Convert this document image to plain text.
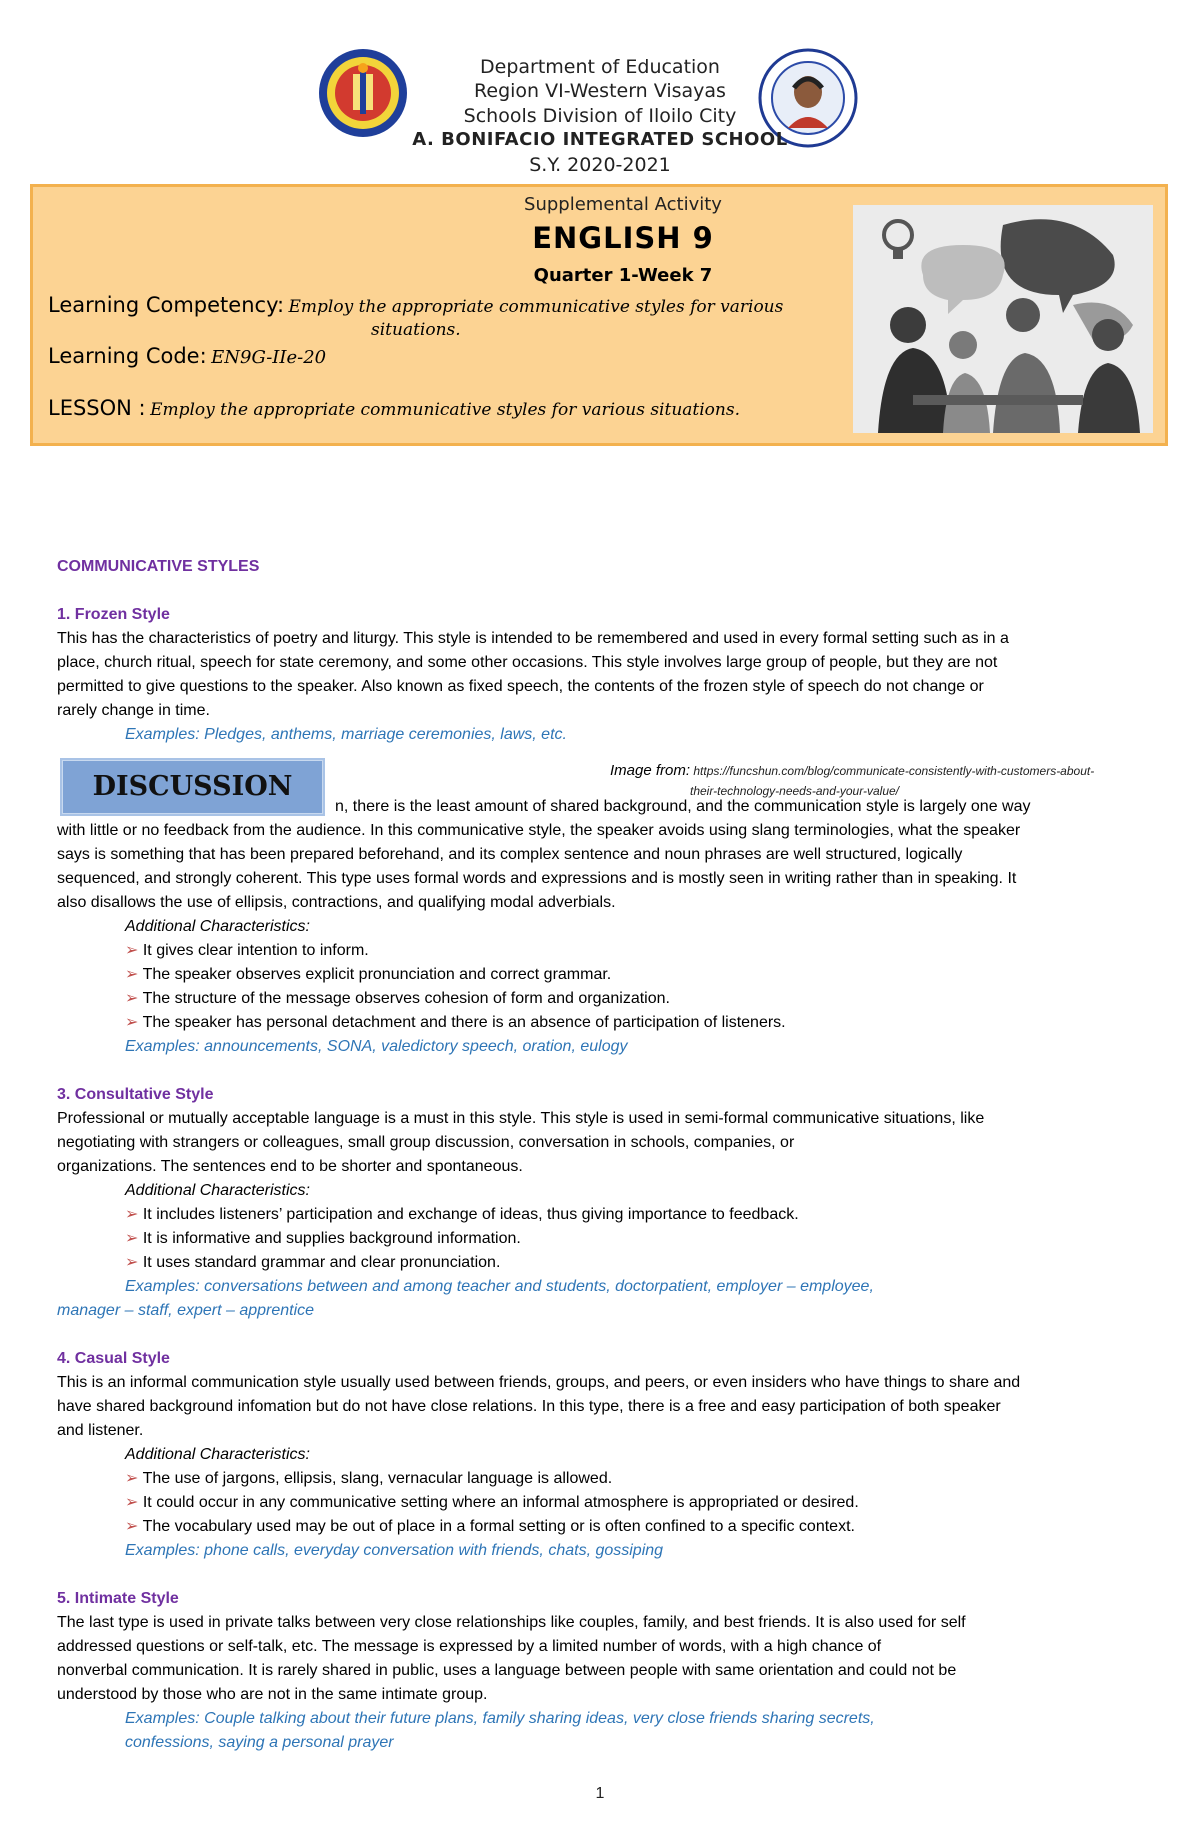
Department of Education
Region VI-Western Visayas
Schools Division of Iloilo City
A. BONIFACIO INTEGRATED SCHOOL
S.Y. 2020-2021
Supplemental Activity
ENGLISH 9
Quarter 1-Week 7
Learning Competency: Employ the appropriate communicative styles for various
situations.
Learning Code: EN9G-IIe-20
LESSON : Employ the appropriate communicative styles for various situations.
COMMUNICATIVE STYLES
1. Frozen Style
This has the characteristics of poetry and liturgy. This style is intended to be remembered and used in every formal setting such as in a
place, church ritual, speech for state ceremony, and some other occasions. This style involves large group of people, but they are not
permitted to give questions to the speaker. Also known as fixed speech, the contents of the frozen style of speech do not change or
rarely change in time.
Examples: Pledges, anthems, marriage ceremonies, laws, etc.
n, there is the least amount of shared background, and the communication style is largely one way
with little or no feedback from the audience. In this communicative style, the speaker avoids using slang terminologies, what the speaker
says is something that has been prepared beforehand, and its complex sentence and noun phrases are well structured, logically
sequenced, and strongly coherent. This type uses formal words and expressions and is mostly seen in writing rather than in speaking. It
also disallows the use of ellipsis, contractions, and qualifying modal adverbials.
Additional Characteristics:
➢ It gives clear intention to inform.
➢ The speaker observes explicit pronunciation and correct grammar.
➢ The structure of the message observes cohesion of form and organization.
➢ The speaker has personal detachment and there is an absence of participation of listeners.
Examples: announcements, SONA, valedictory speech, oration, eulogy
3. Consultative Style
Professional or mutually acceptable language is a must in this style. This style is used in semi-formal communicative situations, like
negotiating with strangers or colleagues, small group discussion, conversation in schools, companies, or
organizations. The sentences end to be shorter and spontaneous.
Additional Characteristics:
➢ It includes listeners’ participation and exchange of ideas, thus giving importance to feedback.
➢ It is informative and supplies background information.
➢ It uses standard grammar and clear pronunciation.
Examples: conversations between and among teacher and students, doctorpatient, employer – employee,
manager – staff, expert – apprentice
4. Casual Style
This is an informal communication style usually used between friends, groups, and peers, or even insiders who have things to share and
have shared background infomation but do not have close relations. In this type, there is a free and easy participation of both speaker
and listener.
Additional Characteristics:
➢ The use of jargons, ellipsis, slang, vernacular language is allowed.
➢ It could occur in any communicative setting where an informal atmosphere is appropriated or desired.
➢ The vocabulary used may be out of place in a formal setting or is often confined to a specific context.
Examples: phone calls, everyday conversation with friends, chats, gossiping
5. Intimate Style
The last type is used in private talks between very close relationships like couples, family, and best friends. It is also used for self
addressed questions or self-talk, etc. The message is expressed by a limited number of words, with a high chance of
nonverbal communication. It is rarely shared in public, uses a language between people with same orientation and could not be
understood by those who are not in the same intimate group.
Examples: Couple talking about their future plans, family sharing ideas, very close friends sharing secrets,
confessions, saying a personal prayer
Image from: https://funcshun.com/blog/communicate-consistently-with-customers-about-
their-technology-needs-and-your-value/
DISCUSSION
1
